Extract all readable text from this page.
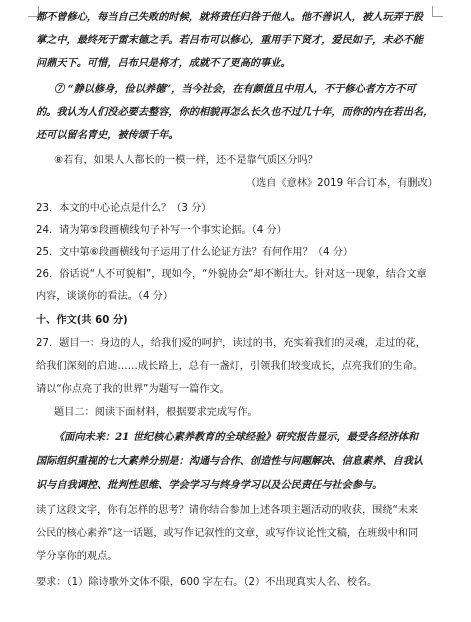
都不曾修心，每当自己失败的时候，就将责任归咎于他人。他不善识人，被人玩弄于股
掌之中，最终死于雷末德之手。若吕布可以修心，重用手下贤才，爱民如子，未必不能
问鼎天下。可惜，吕布只是将才，成就不了更高的事业。
⑦ “静以修身，俭以养德”，当今社会，在有颜值且中用人，不于修心者方方不可
的。我认为人们没必要去整容，你的相貌再怎么长久也不过几十年，而你的内在若出名，
还可以留名青史，被传颂千年。
⑧若有，如果人人都长的一模一样，还不是靠气质区分吗？
（选自《意林》2019 年合订本，有删改）
23．本文的中心论点是什么？（3 分）
24．请为第⑤段画横线句子补写一个事实论据。（4 分）
25．文中第⑥段画横线句子运用了什么论证方法？有何作用？（4 分）
26．俗话说“人不可貌相”，现如今，“外貌协会”却不断壮大。针对这一现象，结合文章
内容，谈谈你的看法。（4 分）
十、作文(共 60 分)
27．题目一：身边的人，给我们爱的呵护，读过的书，充实着我们的灵魂，走过的花，
给我们深刻的启迪……成长路上，总有一盏灯，引领我们较变成长，点亮我们的生命。
请以“你点亮了我的世界”为题写一篇作文。
题目二：阅读下面材料，根据要求完成写作。
《面向未来：21 世纪核心素养教育的全球经验》研究报告显示，最受各经济体和
国际组织重视的七大素养分别是：沟通与合作、创造性与问题解决、信息素养、自我认
识与自我调控、批判性思维、学会学习与终身学习以及公民责任与社会参与。
读了这段文字，你有怎样的思考？请你结合参加上述各项主题活动的收获，围绕“未来
公民的核心素养”这一话题，或写作记叙性的文章，或写作议论性文稿，在班级中和同
学分享你的观点。
要求：（1）除诗歌外文体不限，600 字左右。（2）不出现真实人名、校名。
